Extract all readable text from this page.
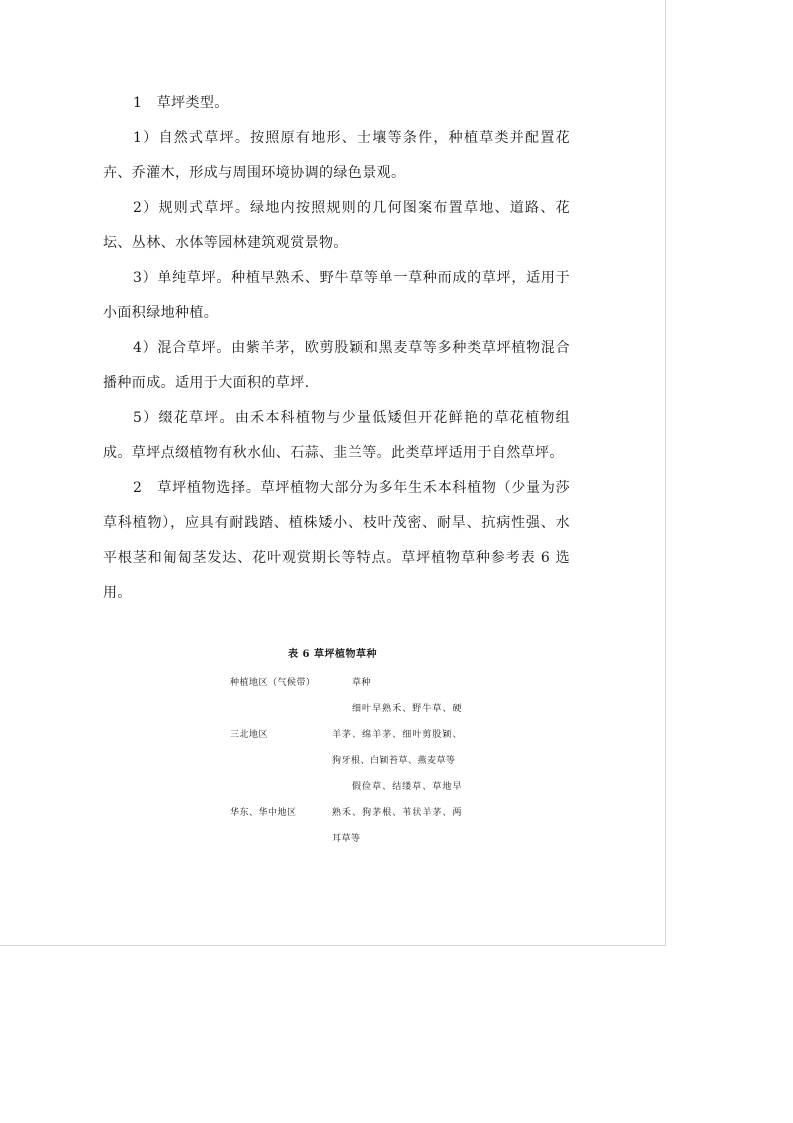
1　草坪类型。

1）自然式草坪。按照原有地形、士壤等条件，种植草类并配置花卉、乔灌木，形成与周围环境协调的绿色景观。

2）规则式草坪。绿地内按照规则的几何图案布置草地、道路、花坛、丛林、水体等园林建筑观赏景物。

3）单纯草坪。种植早熟禾、野牛草等单一草种而成的草坪，适用于小面积绿地种植。

4）混合草坪。由紫羊茅，欧剪股颖和黑麦草等多种类草坪植物混合播种而成。适用于大面积的草坪.

5）缀花草坪。由禾本科植物与少量低矮但开花鲜艳的草花植物组成。草坪点缀植物有秋水仙、石蒜、韭兰等。此类草坪适用于自然草坪。

2　草坪植物选择。草坪植物大部分为多年生禾本科植物（少量为莎草科植物），应具有耐践踏、植株矮小、枝叶茂密、耐旱、抗病性强、水平根茎和匍匐茎发达、花叶观赏期长等特点。草坪植物草种参考表 6 选用。

表 6 草坪植物草种
种植地区（气候带）	草种
三北地区
细叶早熟禾、野牛草、硬羊茅、绵羊茅、细叶剪股颖、狗牙根、白颖苔草、燕麦草等
华东、华中地区
假俭草、结缕草、草地早熟禾、狗茅根、苇状羊茅、两耳草等
